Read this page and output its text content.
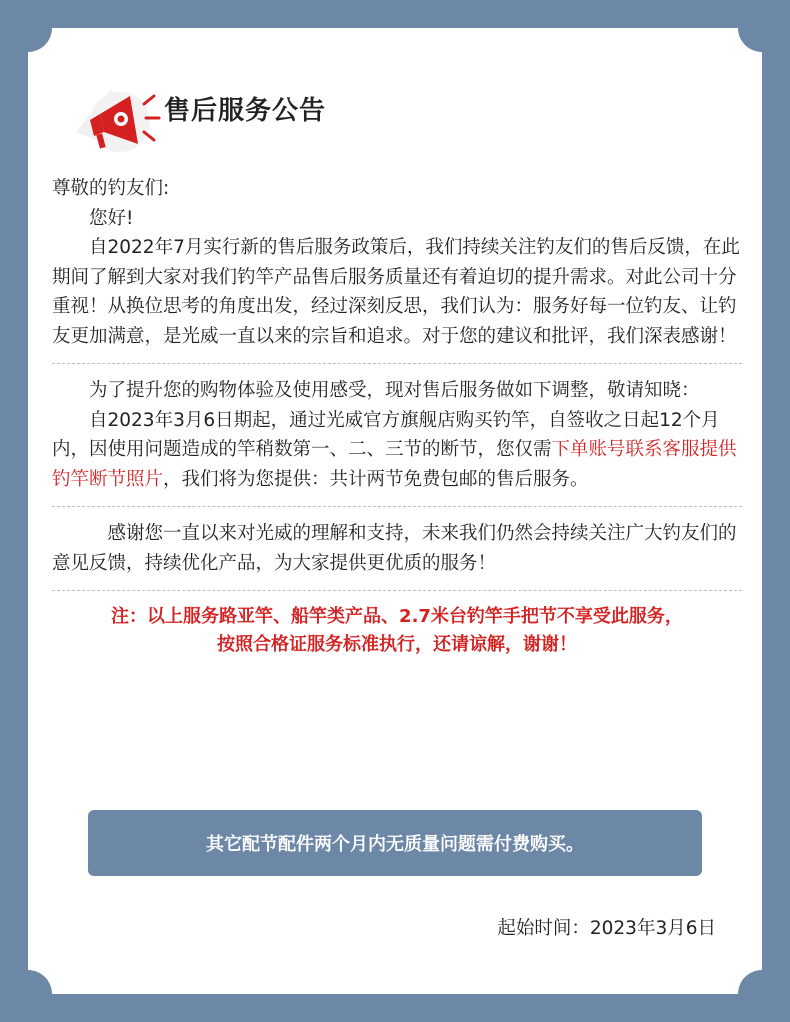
售后服务公告

尊敬的钓友们:

您好!

自2022年7月实行新的售后服务政策后，我们持续关注钓友们的售后反馈，在此期间了解到大家对我们钓竿产品售后服务质量还有着迫切的提升需求。对此公司十分重视！从换位思考的角度出发，经过深刻反思，我们认为：服务好每一位钓友、让钓友更加满意，是光威一直以来的宗旨和追求。对于您的建议和批评，我们深表感谢！

为了提升您的购物体验及使用感受，现对售后服务做如下调整，敬请知晓：

自2023年3月6日期起，通过光威官方旗舰店购买钓竿，自签收之日起12个月内，因使用问题造成的竿稍数第一、二、三节的断节，您仅需下单账号联系客服提供钓竿断节照片，我们将为您提供：共计两节免费包邮的售后服务。

感谢您一直以来对光威的理解和支持，未来我们仍然会持续关注广大钓友们的意见反馈，持续优化产品，为大家提供更优质的服务！

注：以上服务路亚竿、船竿类产品、2.7米台钓竿手把节不享受此服务，
按照合格证服务标准执行，还请谅解，谢谢！
其它配节配件两个月内无质量问题需付费购买。
起始时间：2023年3月6日
